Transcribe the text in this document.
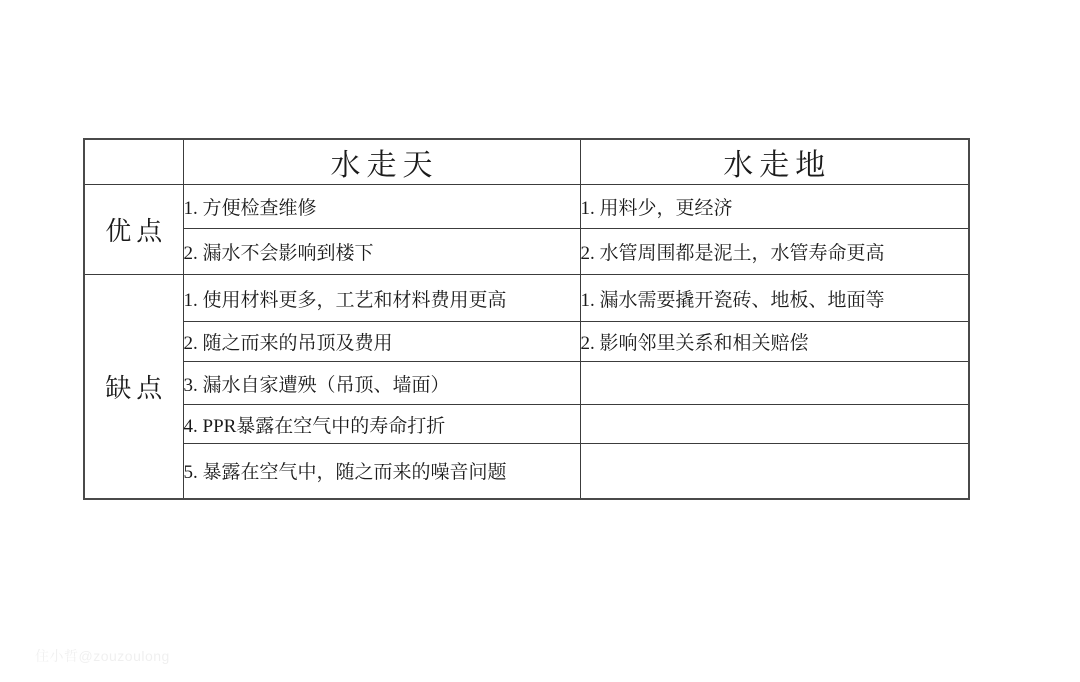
	水走天	水走地
优点	1. 方便检查维修	1. 用料少，更经济
	2. 漏水不会影响到楼下	2. 水管周围都是泥土，水管寿命更高
缺点	1. 使用材料更多，工艺和材料费用更高	1. 漏水需要撬开瓷砖、地板、地面等
	2. 随之而来的吊顶及费用	2. 影响邻里关系和相关赔偿
	3. 漏水自家遭殃（吊顶、墙面）	
	4. PPR暴露在空气中的寿命打折	
	5. 暴露在空气中，随之而来的噪音问题	
住小哲@zouzoulong
